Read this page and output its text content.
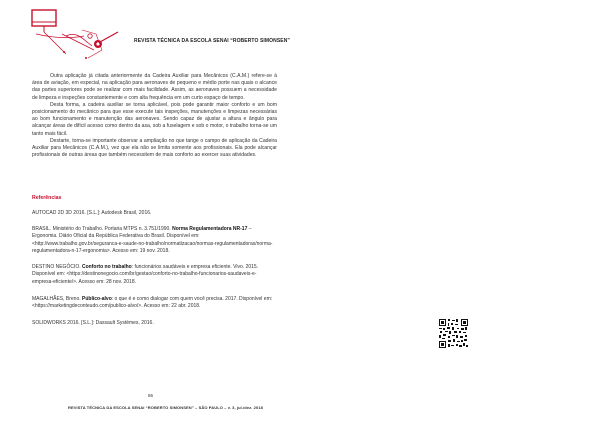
REVISTA TÉCNICA DA ESCOLA SENAI “ROBERTO SIMONSEN”

Outra aplicação já citada anteriormente da Cadeira Auxiliar para Mecânicos (C.A.M.) refere-se à área de aviação, em especial, na aplicação para aeronaves de pequeno e médio porte nas quais o alcance das partes superiores pode se realizar com mais facilidade. Assim, as aeronaves possuem a necessidade de limpeza e inspeções constantemente e com alta frequência em um curto espaço de tempo.

Desta forma, a cadeira auxiliar se torna aplicável, pois pode garantir maior conforto e um bom posicionamento do mecânico para que esse execute tais inspeções, manutenções e limpezas necessárias ao bom funcionamento e manutenção das aeronaves. Sendo capaz de ajustar a altura e ângulo para alcançar áreas de difícil acesso como dentro da asa, sob a fuselagem e sob o motor, o trabalho torna-se um tanto mais fácil.

Destarte, torna-se importante observar a ampliação no que tange o campo de aplicação da Cadeira Auxiliar para Mecânicos (C.A.M.), vez que ela não se limita somente aos profissionais. Ela pode alcançar profissionais de outras áreas que também necessitem de mais conforto ao exercer suas atividades.

Referências
AUTOCAD 2D 3D 2016. [S.L.]: Autodesk Brasil, 2016.
BRASIL. Ministério do Trabalho. Portaria MTPS n. 3.751/1990. Norma Regulamentadora NR-17 – Ergonomia. Diário Oficial da República Federativa do Brasil. Disponível em: <http://www.trabalho.gov.br/seguranca-e-saude-no-trabalho/normatizacao/normas-regulamentadoras/norma-regulamentadora-n-17-ergonomia>. Acesso em: 19 nov. 2018.
DESTINO NEGÓCIO. Conforto no trabalho: funcionários saudáveis e empresa eficiente. Vivo. 2015. Disponível em: <https://destinonegocio.com/br/gestao/conforto-no-trabalho-funcionarios-saudaveis-e-empresa-eficiente/>. Acesso em: 28 nov. 2018.
MAGALHÃES, Breno. Público-alvo: o que é e como dialogar com quem você precisa. 2017. Disponível em: <https://marketingdeconteudo.com/publico-alvo/>. Acesso em: 22 abr. 2018.
SOLIDWORKS 2016. [S.L.]: Dassault Systèmes, 2016.
86
REVISTA TÉCNICA DA ESCOLA SENAI “ROBERTO SIMONSEN” – SÃO PAULO – v. 3, jul./dez. 2018
